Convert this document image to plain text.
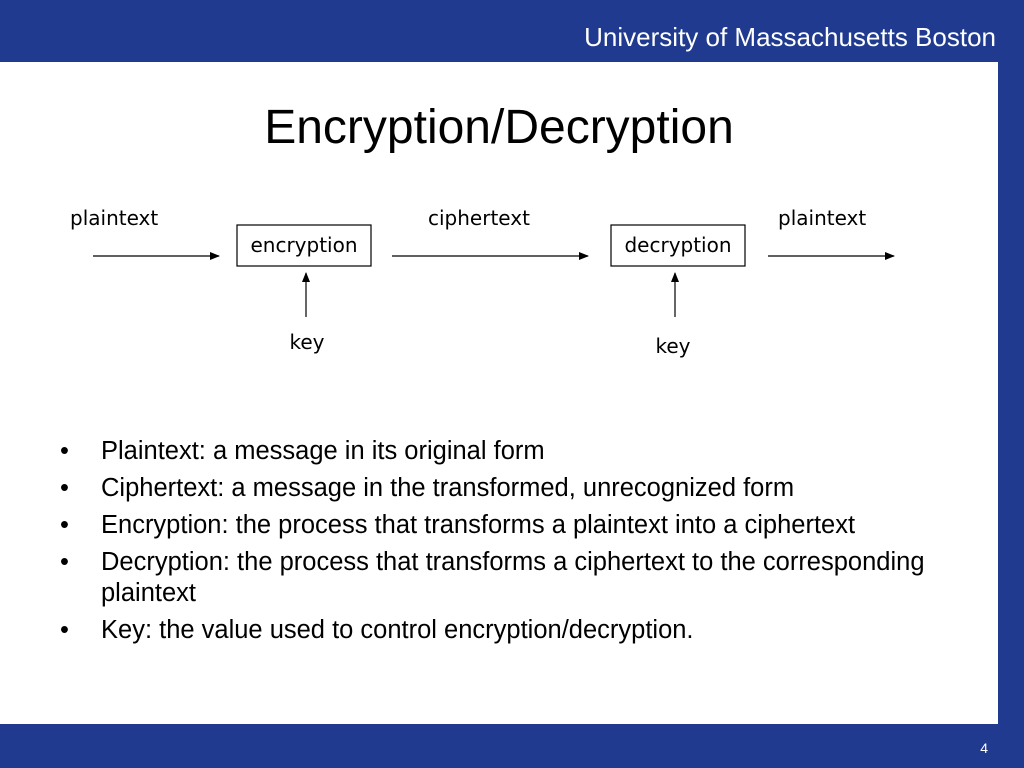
University of Massachusetts Boston
Encryption/Decryption
plaintext
encryption
key
ciphertext
decryption
key
plaintext
• Plaintext: a message in its original form
• Ciphertext: a message in the transformed, unrecognized form
• Encryption: the process that transforms a plaintext into a ciphertext
• Decryption: the process that transforms a ciphertext to the corresponding plaintext
• Key: the value used to control encryption/decryption.
4
